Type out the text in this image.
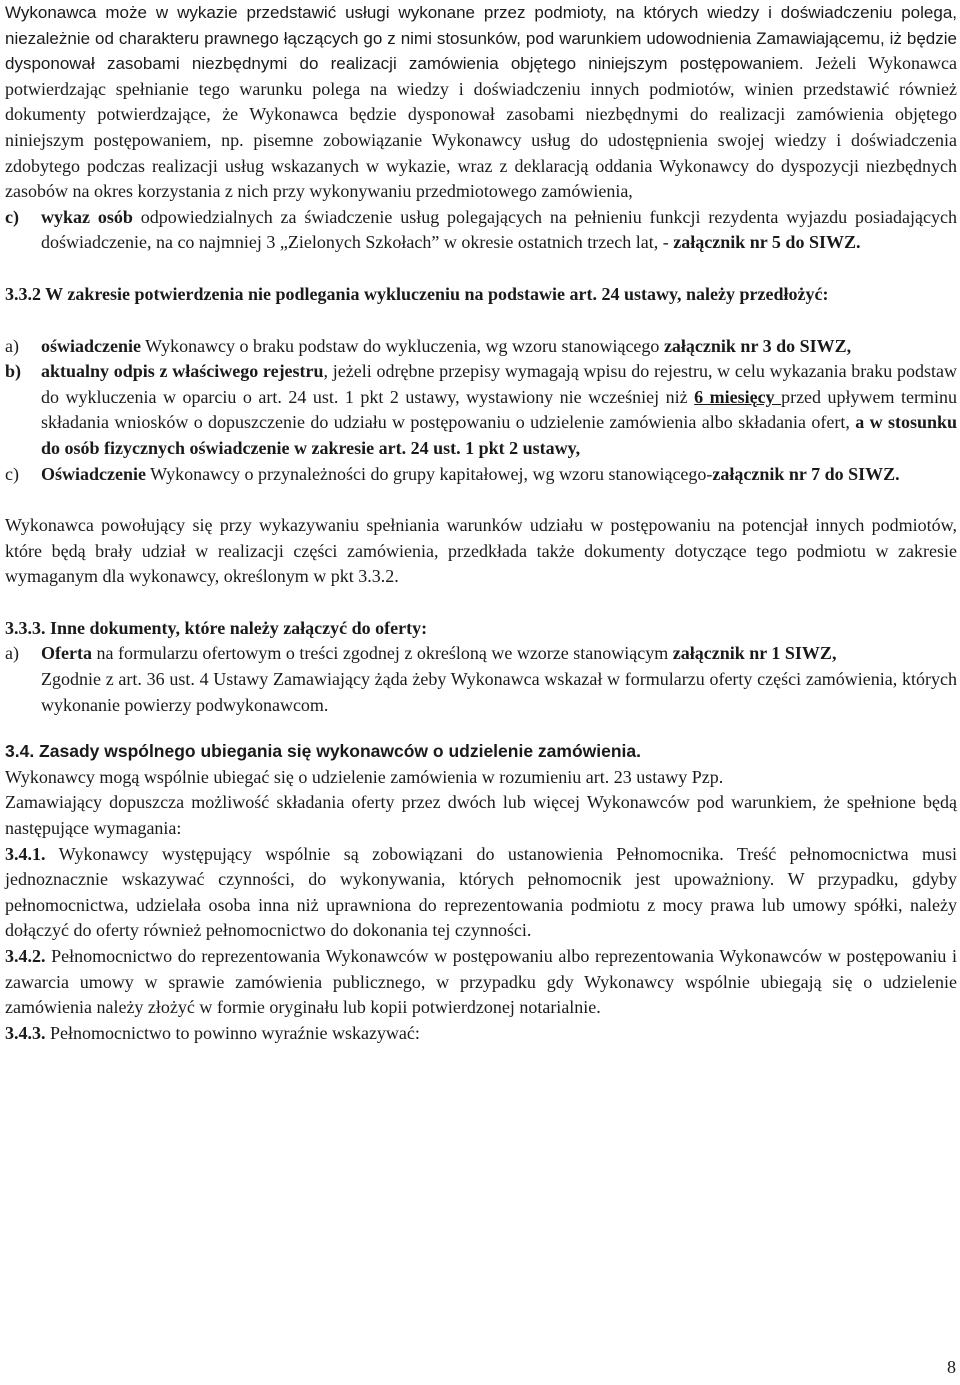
Wykonawca może w wykazie przedstawić usługi wykonane przez podmioty, na których wiedzy i doświadczeniu polega, niezależnie od charakteru prawnego łączących go z nimi stosunków, pod warunkiem udowodnienia Zamawiającemu, iż będzie dysponował zasobami niezbędnymi do realizacji zamówienia objętego niniejszym postępowaniem. Jeżeli Wykonawca potwierdzając spełnianie tego warunku polega na wiedzy i doświadczeniu innych podmiotów, winien przedstawić również dokumenty potwierdzające, że Wykonawca będzie dysponował zasobami niezbędnymi do realizacji zamówienia objętego niniejszym postępowaniem, np. pisemne zobowiązanie Wykonawcy usług do udostępnienia swojej wiedzy i doświadczenia zdobytego podczas realizacji usług wskazanych w wykazie, wraz z deklaracją oddania Wykonawcy do dyspozycji niezbędnych zasobów na okres korzystania z nich przy wykonywaniu przedmiotowego zamówienia,

c)	wykaz osób odpowiedzialnych za świadczenie usług polegających na pełnieniu funkcji rezydenta wyjazdu posiadających doświadczenie, na co najmniej 3 „Zielonych Szkołach” w okresie ostatnich trzech lat, - załącznik nr 5 do SIWZ.

3.3.2 W zakresie potwierdzenia nie podlegania wykluczeniu na podstawie art. 24 ustawy, należy przedłożyć:

a)	oświadczenie Wykonawcy o braku podstaw do wykluczenia, wg wzoru stanowiącego załącznik nr 3 do SIWZ,
b)	aktualny odpis z właściwego rejestru, jeżeli odrębne przepisy wymagają wpisu do rejestru, w celu wykazania braku podstaw do wykluczenia w oparciu o art. 24 ust. 1 pkt 2 ustawy, wystawiony nie wcześniej niż 6 miesięcy przed upływem terminu składania wniosków o dopuszczenie do udziału w postępowaniu o udzielenie zamówienia albo składania ofert, a w stosunku do osób fizycznych oświadczenie w zakresie art. 24 ust. 1 pkt 2 ustawy,
c)	Oświadczenie Wykonawcy o przynależności do grupy kapitałowej, wg wzoru stanowiącego-załącznik nr 7 do SIWZ.

Wykonawca powołujący się przy wykazywaniu spełniania warunków udziału w postępowaniu na potencjał innych podmiotów, które będą brały udział w realizacji części zamówienia, przedkłada także dokumenty dotyczące tego podmiotu w zakresie wymaganym dla wykonawcy, określonym w pkt 3.3.2.

3.3.3. Inne dokumenty, które należy załączyć do oferty:

a)	Oferta na formularzu ofertowym o treści zgodnej z określoną we wzorze stanowiącym załącznik nr 1 SIWZ,

Zgodnie z art. 36 ust. 4 Ustawy Zamawiający żąda żeby Wykonawca wskazał w formularzu oferty części zamówienia, których wykonanie powierzy podwykonawcom.

3.4. Zasady wspólnego ubiegania się wykonawców o udzielenie zamówienia.

Wykonawcy mogą wspólnie ubiegać się o udzielenie zamówienia w rozumieniu art. 23 ustawy Pzp.

Zamawiający dopuszcza możliwość składania oferty przez dwóch lub więcej Wykonawców pod warunkiem, że spełnione będą następujące wymagania:

3.4.1. Wykonawcy występujący wspólnie są zobowiązani do ustanowienia Pełnomocnika. Treść pełnomocnictwa musi jednoznacznie wskazywać czynności, do wykonywania, których pełnomocnik jest upoważniony. W przypadku, gdyby pełnomocnictwa, udzielała osoba inna niż uprawniona do reprezentowania podmiotu z mocy prawa lub umowy spółki, należy dołączyć do oferty również pełnomocnictwo do dokonania tej czynności.

3.4.2. Pełnomocnictwo do reprezentowania Wykonawców w postępowaniu albo reprezentowania Wykonawców w postępowaniu i zawarcia umowy w sprawie zamówienia publicznego, w przypadku gdy Wykonawcy wspólnie ubiegają się o udzielenie zamówienia należy złożyć w formie oryginału lub kopii potwierdzonej notarialnie.

3.4.3. Pełnomocnictwo to powinno wyraźnie wskazywać:

8
